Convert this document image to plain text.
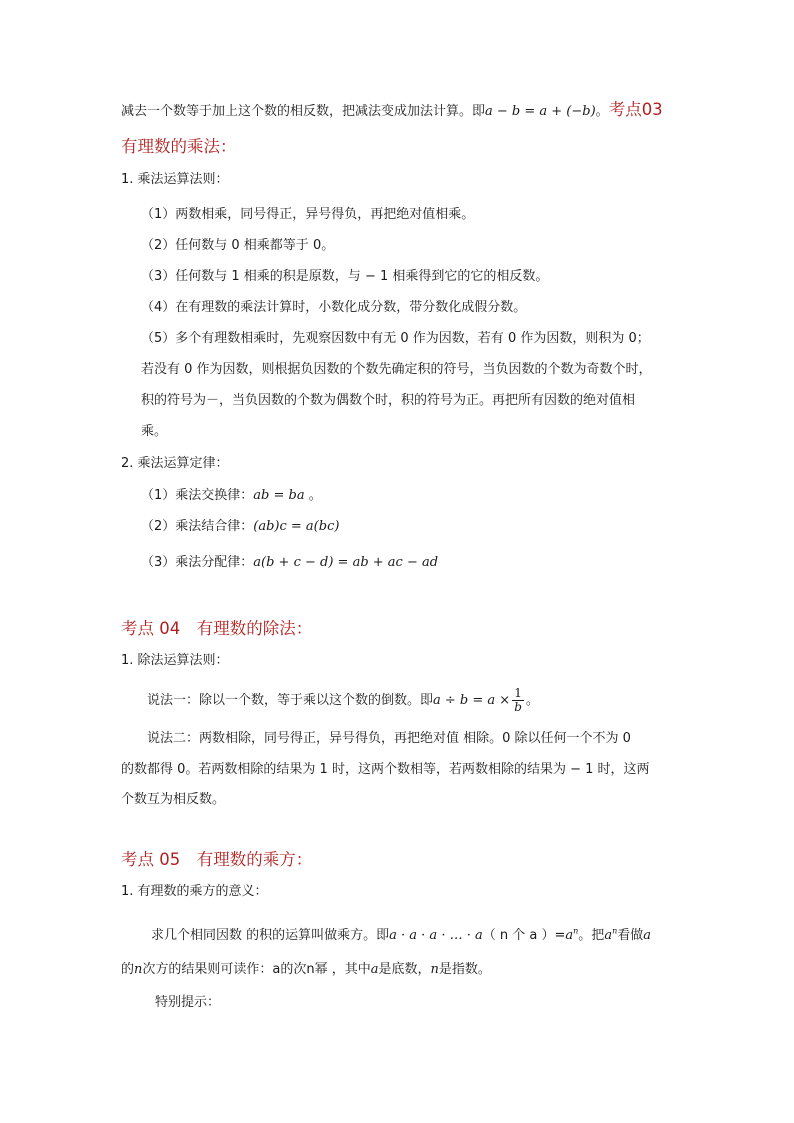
减去一个数等于加上这个数的相反数，把减法变成加法计算。即a − b = a + (−b)。考点03
有理数的乘法：
1. 乘法运算法则：
（1）两数相乘，同号得正，异号得负，再把绝对值相乘。
（2）任何数与 0 相乘都等于 0。
（3）任何数与 1 相乘的积是原数，与 − 1 相乘得到它的它的相反数。
（4）在有理数的乘法计算时，小数化成分数，带分数化成假分数。
（5）多个有理数相乘时，先观察因数中有无 0 作为因数，若有 0 作为因数，则积为 0；
若没有 0 作为因数，则根据负因数的个数先确定积的符号，当负因数的个数为奇数个时，
积的符号为－，当负因数的个数为偶数个时，积的符号为正。再把所有因数的绝对值相
乘。
2. 乘法运算定律：
（1）乘法交换律：ab = ba 。
（2）乘法结合律：(ab)c = a(bc)
（3）乘法分配律：a(b + c − d) = ab + ac − ad
考点 04　有理数的除法：
1. 除法运算法则：
说法一：除以一个数，等于乘以这个数的倒数。即$a \div b = a \times \frac{1}{b}$ 。
说法二：两数相除，同号得正，异号得负，再把绝对值 相除。0 除以任何一个不为 0
的数都得 0。若两数相除的结果为 1 时，这两个数相等，若两数相除的结果为 − 1 时，这两
个数互为相反数。
考点 05　有理数的乘方：
1. 有理数的乘方的意义：
求几个相同因数 的积的运算叫做乘方。即a · a · a · … · a（ n 个 a ）$=a^n$。把$a^n$看做a
的n次方的结果则可读作：a的次n幂 ，其中a是底数，n是指数。
特别提示：
